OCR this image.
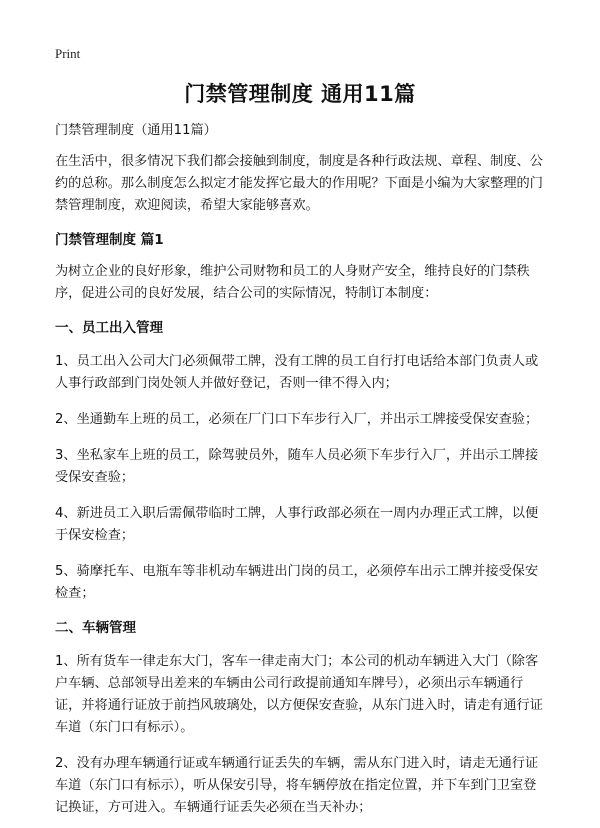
Print
门禁管理制度 通用11篇

门禁管理制度（通用11篇）

在生活中，很多情况下我们都会接触到制度，制度是各种行政法规、章程、制度、公约的总称。那么制度怎么拟定才能发挥它最大的作用呢？下面是小编为大家整理的门禁管理制度，欢迎阅读，希望大家能够喜欢。

门禁管理制度 篇1

为树立企业的良好形象，维护公司财物和员工的人身财产安全，维持良好的门禁秩序，促进公司的良好发展，结合公司的实际情况，特制订本制度：

一、员工出入管理

1、员工出入公司大门必须佩带工牌，没有工牌的员工自行打电话给本部门负责人或人事行政部到门岗处领人并做好登记，否则一律不得入内；

2、坐通勤车上班的员工，必须在厂门口下车步行入厂，并出示工牌接受保安查验；

3、坐私家车上班的员工，除驾驶员外，随车人员必须下车步行入厂，并出示工牌接受保安查验；

4、新进员工入职后需佩带临时工牌，人事行政部必须在一周内办理正式工牌，以便于保安检查；

5、骑摩托车、电瓶车等非机动车辆进出门岗的员工，必须停车出示工牌并接受保安检查；

二、车辆管理

1、所有货车一律走东大门，客车一律走南大门；本公司的机动车辆进入大门（除客户车辆、总部领导出差来的车辆由公司行政提前通知车牌号），必须出示车辆通行证，并将通行证放于前挡风玻璃处，以方便保安查验，从东门进入时，请走有通行证车道（东门口有标示）。

2、没有办理车辆通行证或车辆通行证丢失的车辆，需从东门进入时，请走无通行证车道（东门口有标示），听从保安引导，将车辆停放在指定位置，并下车到门卫室登记换证，方可进入。车辆通行证丢失必须在当天补办；
